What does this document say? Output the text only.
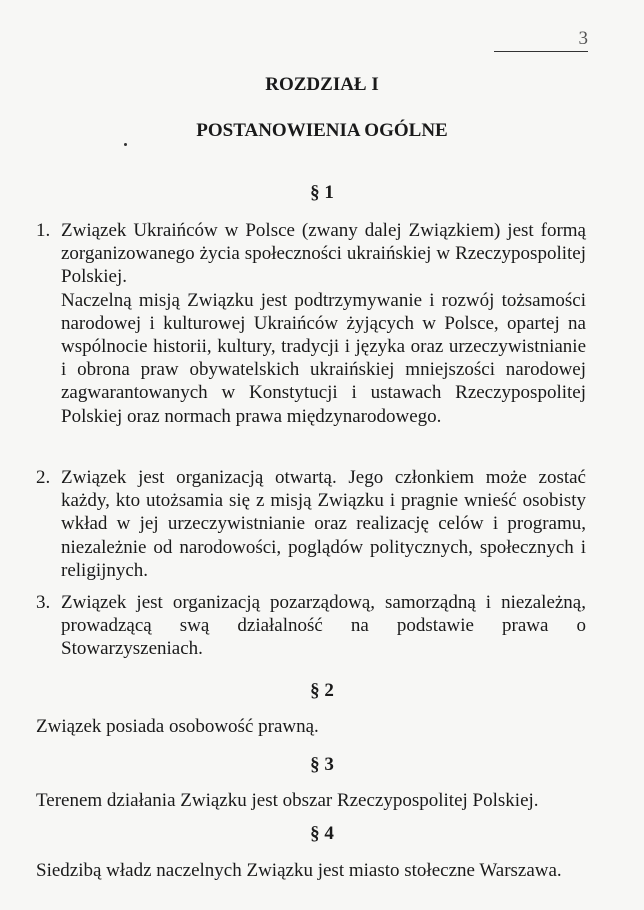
3
ROZDZIAŁ I
POSTANOWIENIA OGÓLNE
§ 1
1. Związek Ukraińców w Polsce (zwany dalej Związkiem) jest formą zorganizowanego życia społeczności ukraińskiej w Rzeczypospolitej Polskiej.

Naczelną misją Związku jest podtrzymywanie i rozwój tożsamości narodowej i kulturowej Ukraińców żyjących w Polsce, opartej na wspólnocie historii, kultury, tradycji i języka oraz urzeczywistnianie i obrona praw obywatelskich ukraińskiej mniejszości narodowej zagwarantowanych w Konstytucji i ustawach Rzeczypospolitej Polskiej oraz normach prawa międzynarodowego.

2. Związek jest organizacją otwartą. Jego członkiem może zostać każdy, kto utożsamia się z misją Związku i pragnie wnieść osobisty wkład w jej urzeczywistnianie oraz realizację celów i programu, niezależnie od narodowości, poglądów politycznych, społecznych i religijnych.

3. Związek jest organizacją pozarządową, samorządną i niezależną, prowadzącą swą działalność na podstawie prawa o Stowarzyszeniach.

§ 2

Związek posiada osobowość prawną.

§ 3

Terenem działania Związku jest obszar Rzeczypospolitej Polskiej.

§ 4

Siedzibą władz naczelnych Związku jest miasto stołeczne Warszawa.
